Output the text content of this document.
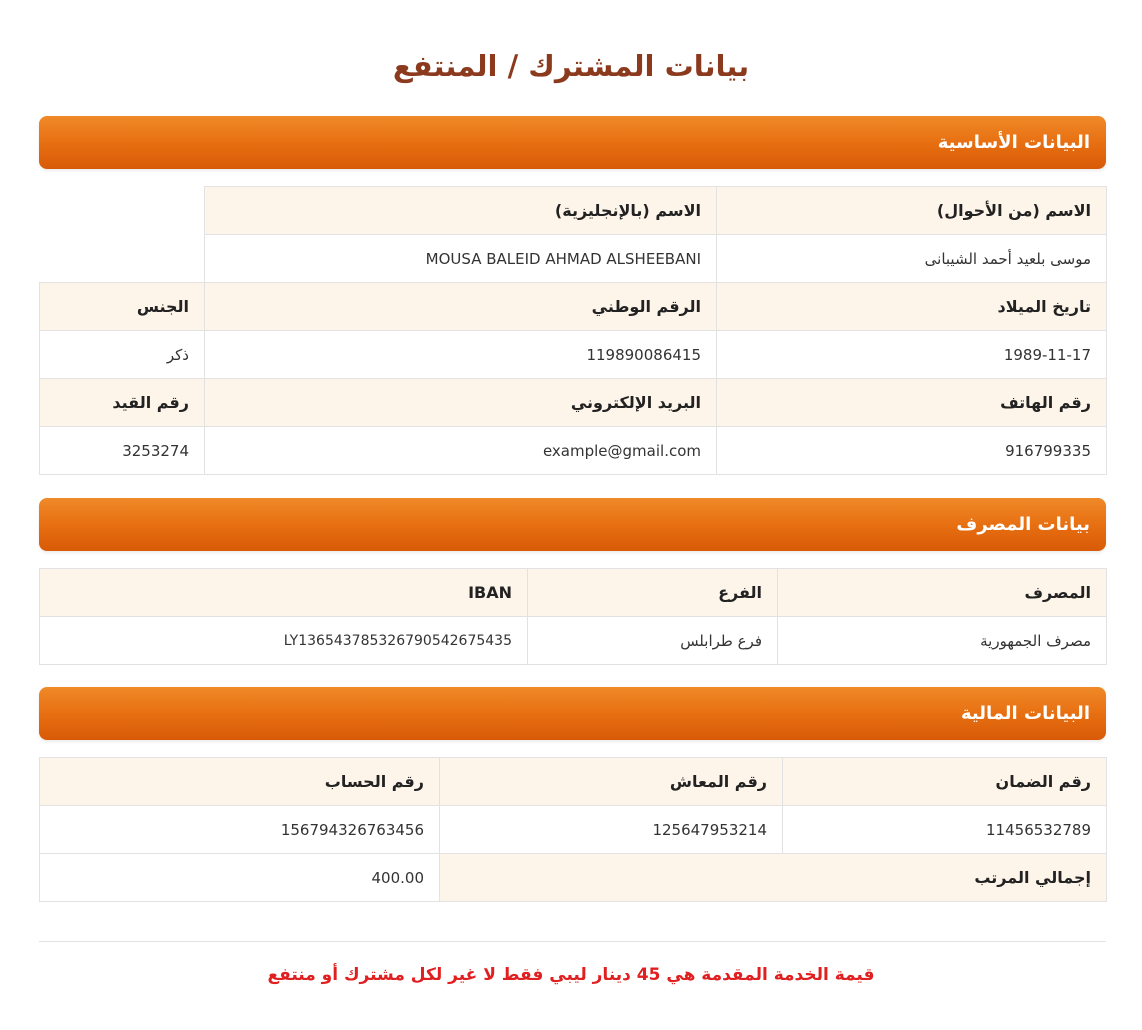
بيانات المشترك / المنتفع
البيانات الأساسية
الاسم (من الأحوال)	الاسم (بالإنجليزية)	
موسى بلعيد أحمد الشيبانى	MOUSA BALEID AHMAD ALSHEEBANI	
تاريخ الميلاد	الرقم الوطني	الجنس
1989-11-17	119890086415	ذكر
رقم الهاتف	البريد الإلكتروني	رقم القيد
916799335	example@gmail.com	3253274
بيانات المصرف
المصرف	الفرع	IBAN
مصرف الجمهورية	فرع طرابلس	LY13654378532679054267543​5
البيانات المالية
رقم الضمان	رقم المعاش	رقم الحساب
11456532789	125647953214	156794326763456
إجمالي المرتب		400.00

قيمة الخدمة المقدمة هي 45 دينار ليبي فقط لا غير لكل مشترك أو منتفع
